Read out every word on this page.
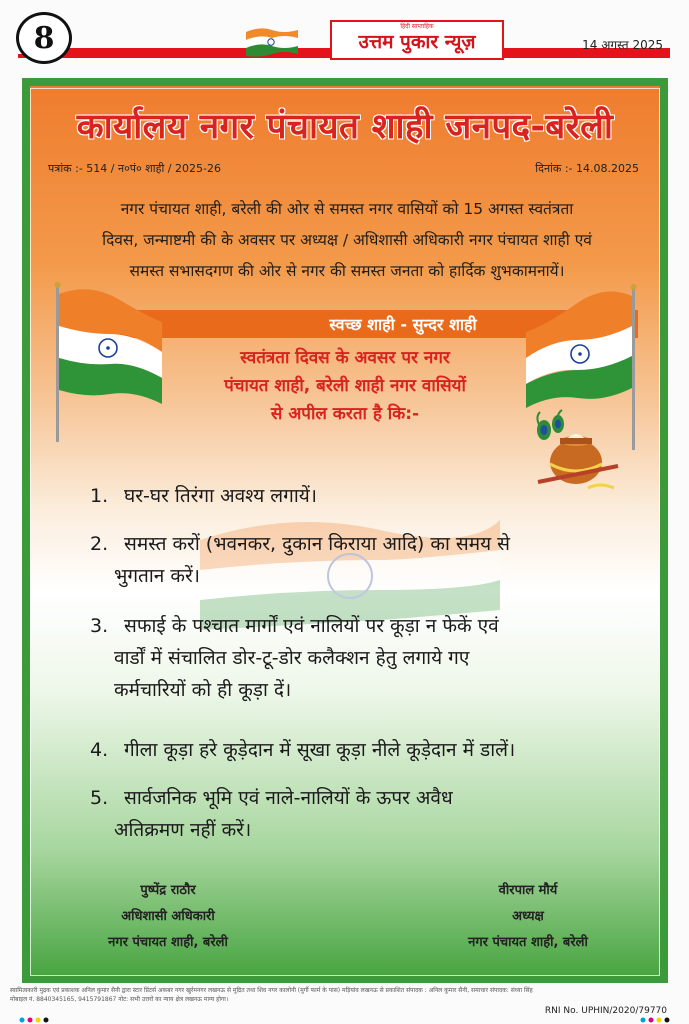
8	हिंदी साप्ताहिक
उत्तम पुकार न्यूज़	14 अगस्त 2025
कार्यालय नगर पंचायत शाही जनपद-बरेली
पत्रांक :- 514 / न०पं० शाही / 2025-26	दिनांक :- 14.08.2025
नगर पंचायत शाही, बरेली की ओर से समस्त नगर वासियों को 15 अगस्त स्वतंत्रता
दिवस, जन्माष्टमी की के अवसर पर अध्यक्ष / अधिशासी अधिकारी नगर पंचायत शाही एवं
समस्त सभासदगण की ओर से नगर की समस्त जनता को हार्दिक शुभकामनायें।
स्वच्छ शाही - सुन्दर शाही
स्वतंत्रता दिवस के अवसर पर नगर
पंचायत शाही, बरेली शाही नगर वासियों
से अपील करता है कि:-
1. घर-घर तिरंगा अवश्य लगायें।
2. समस्त करों (भवनकर, दुकान किराया आदि) का समय से
भुगतान करें।
3. सफाई के पश्चात मार्गों एवं नालियों पर कूड़ा न फेकें एवं
वार्डों में संचालित डोर-टू-डोर कलैक्शन हेतु लगाये गए
कर्मचारियों को ही कूड़ा दें।
4. गीला कूड़ा हरे कूड़ेदान में सूखा कूड़ा नीले कूड़ेदान में डालें।
5. सार्वजनिक भूमि एवं नाले-नालियों के ऊपर अवैध
अतिक्रमण नहीं करें।
पुष्पेंद्र राठौर
अधिशासी अधिकारी
नगर पंचायत शाही, बरेली
वीरपाल मौर्य
अध्यक्ष
नगर पंचायत शाही, बरेली
स्वामित्वकारी मुद्रक एवं प्रकाशक अनिल कुमार सैनी द्वारा स्टार प्रिंटर्स अकबर नगर खुर्रमनगर लखनऊ से मुद्रित तथा शिव नगर कालोनी (मुर्गी फार्म के पास) मड़ियांव लखनऊ से प्रकाशित संपादक : अनिल कुमार सैनी, समाचार संपादक: संध्या सिंह
मोबाइल नं. 8840345165, 9415791867 नोट: सभी उत्तरों का न्याय क्षेत्र लखनऊ मान्य होगा।
RNI No. UPHIN/2020/79770
